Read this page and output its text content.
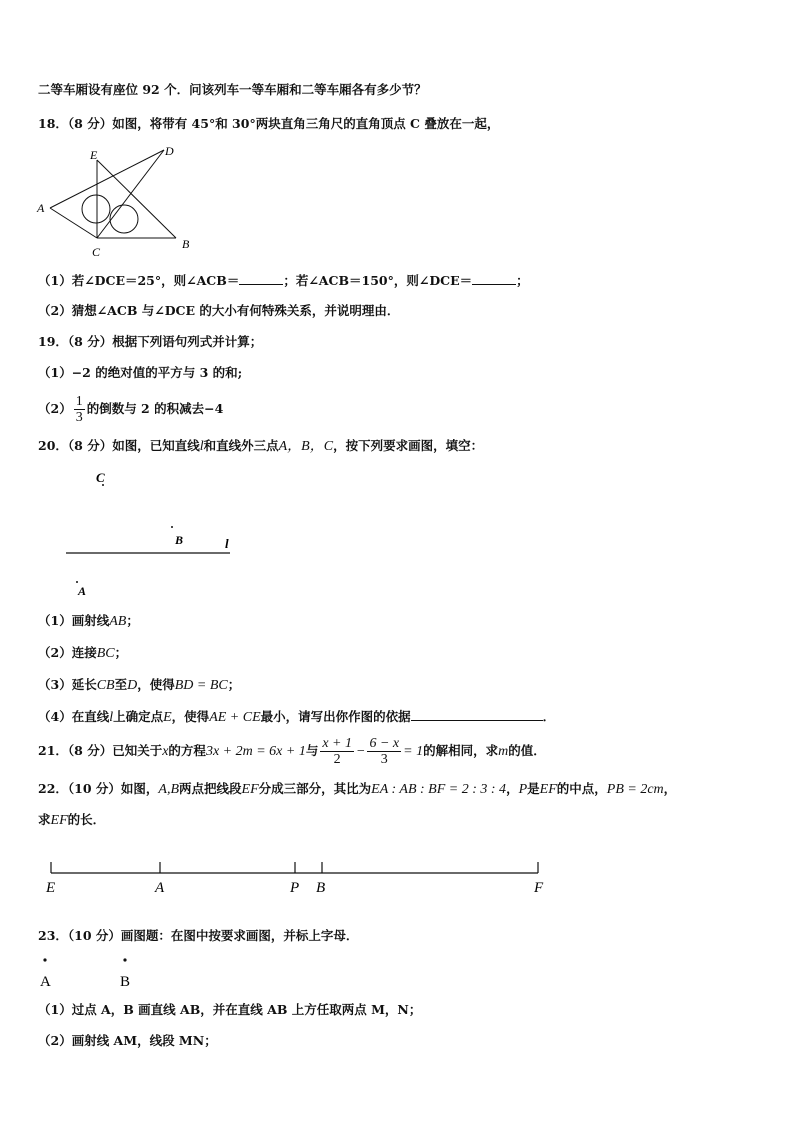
二等车厢设有座位 92 个．问该列车一等车厢和二等车厢各有多少节？
18．（8 分）如图，将带有 45°和 30°两块直角三角尺的直角顶点 C 叠放在一起，
E	D
A
C
B
（1）若∠DCE＝25°，则∠ACB＝	；若∠ACB＝150°，则∠DCE＝	；
（2）猜想∠ACB 与∠DCE 的大小有何特殊关系，并说明理由．
19．（8 分）根据下列语句列式并计算；
（1）−2 的绝对值的平方与 3 的和;
$(2) \frac{1}{3}$ 的倒数与 2 的积减去−4
20．（8 分）如图，已知直线l和直线外三点A，B，C，按下列要求画图，填空：
C
B	l
A
（1）画射线AB；
（2）连接BC；
（3）延长CB至D，使得BD = BC；
（4）在直线l上确定点E，使得AE + CE最小，请写出你作图的依据	．
21．（8 分）已知关于x的方程3x + 2m = 6x + 1与 $\frac{x + 1}{2} - \frac{6 - x}{3} = 1$的解相同，求m的值．
22．（10 分）如图，A,B两点把线段EF分成三部分，其比为EA : AB : BF = 2 : 3 : 4，P是EF的中点，PB = 2cm，
求EF的长．
E	A	P B	F
23．（10 分）画图题：在图中按要求画图，并标上字母．
A	B
（1）过点 A，B 画直线 AB，并在直线 AB 上方任取两点 M，N；
（2）画射线 AM，线段 MN；
